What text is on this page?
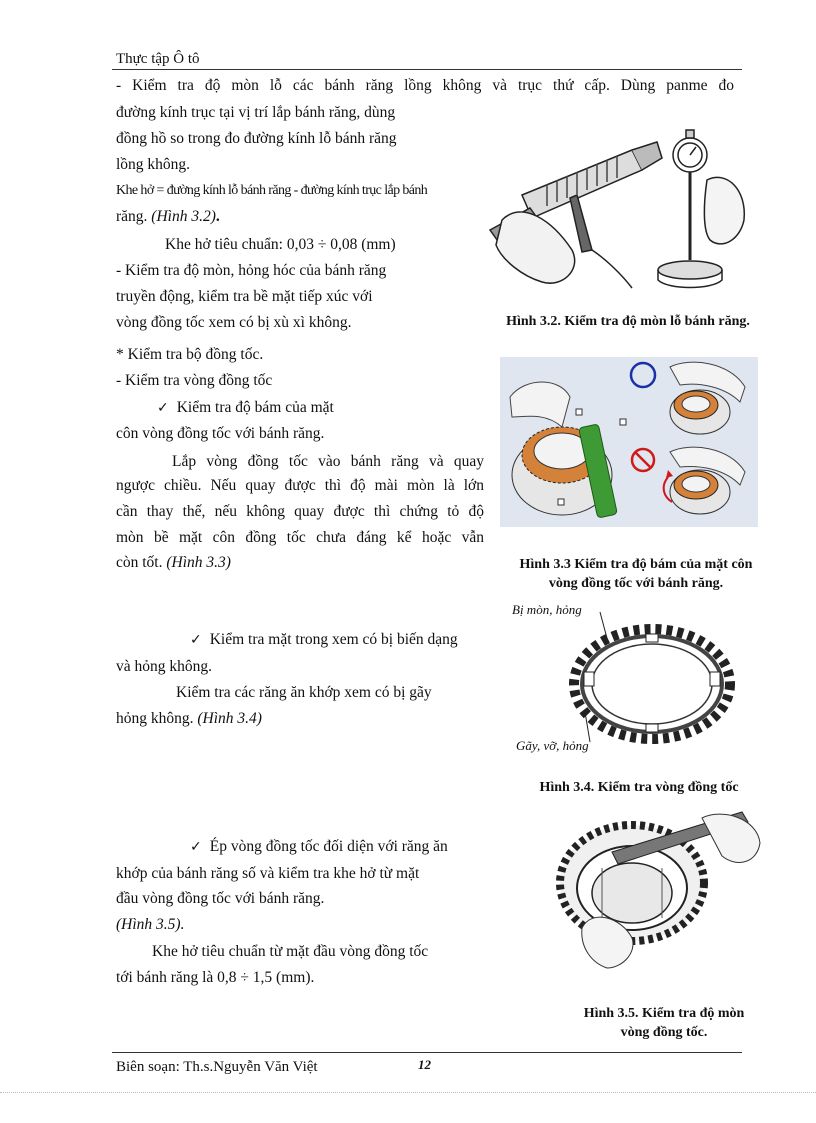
Thực tập Ô tô
- Kiểm tra độ mòn lỗ các bánh răng lồng không và trục thứ cấp. Dùng panme đo
đường kính trục tại vị trí lắp bánh răng, dùng
đồng hồ so trong đo đường kính lỗ bánh răng
lồng không.
Khe hở = đường kính lỗ bánh răng - đường kính trục lắp bánh
răng. (Hình 3.2).
Khe hở tiêu chuẩn: 0,03 ÷ 0,08 (mm)
- Kiểm tra độ mòn, hỏng hóc của bánh răng
truyền động, kiểm tra bề mặt tiếp xúc với
vòng đồng tốc xem có bị xù xì không.	Hình 3.2. Kiểm tra độ mòn lỗ bánh răng.
* Kiểm tra bộ đồng tốc.
- Kiểm tra vòng đồng tốc
✓ Kiểm tra độ bám của mặt
côn vòng đồng tốc với bánh răng.
Lắp vòng đồng tốc vào bánh răng và quay
ngược chiều. Nếu quay được thì độ mài mòn là lớn
cần thay thế, nếu không quay được thì chứng tỏ độ
mòn bề mặt côn đồng tốc chưa đáng kể hoặc vẫn
còn tốt. (Hình 3.3)	Hình 3.3 Kiểm tra độ bám của mặt côn
vòng đồng tốc với bánh răng.
✓ Kiểm tra mặt trong xem có bị biến dạng
và hỏng không.
Kiểm tra các răng ăn khớp xem có bị gãy
hỏng không. (Hình 3.4)
Bị mòn, hỏng
Gãy, vỡ, hỏng
Hình 3.4. Kiểm tra vòng đồng tốc
✓ Ép vòng đồng tốc đối diện với răng ăn
khớp của bánh răng số và kiểm tra khe hở từ mặt
đầu vòng đồng tốc với bánh răng.
(Hình 3.5).
Khe hở tiêu chuẩn từ mặt đầu vòng đồng tốc
tới bánh răng là 0,8 ÷ 1,5 (mm).
Hình 3.5. Kiểm tra độ mòn
vòng đồng tốc.
Biên soạn: Th.s.Nguyễn Văn Việt	12
